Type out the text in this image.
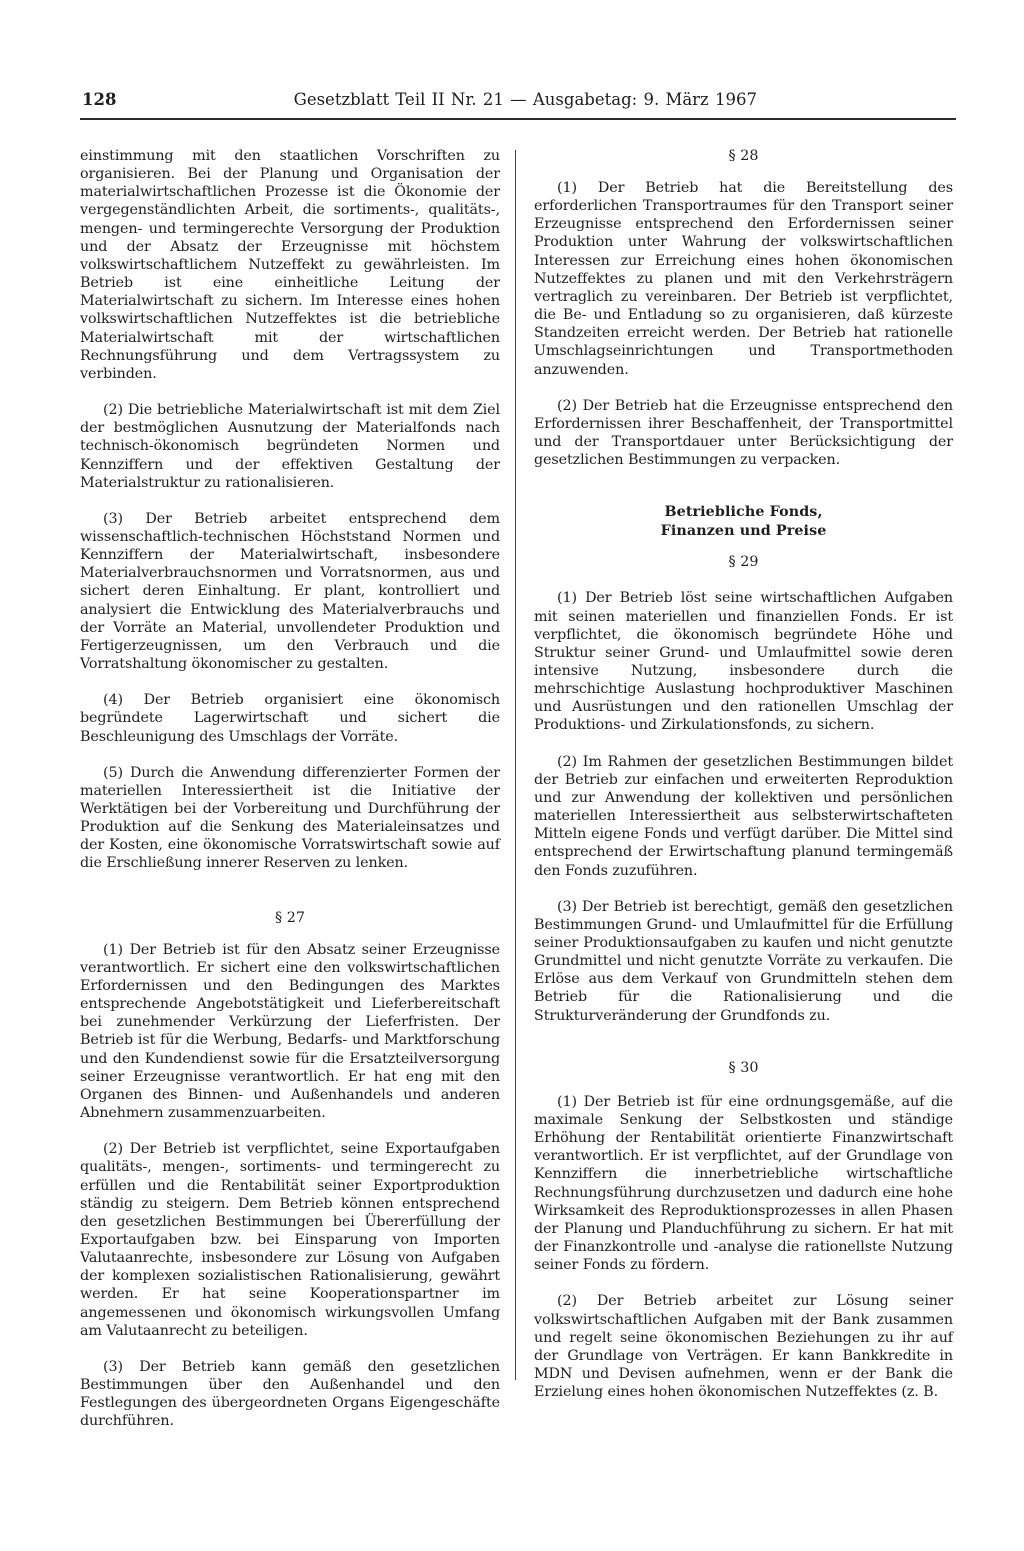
128	Gesetzblatt Teil II Nr. 21 — Ausgabetag: 9. März 1967

einstimmung mit den staatlichen Vorschriften zu organisieren. Bei der Planung und Organisation der materialwirtschaftlichen Prozesse ist die Ökonomie der vergegenständlichten Arbeit, die sortiments-, qualitäts-, mengen- und termingerechte Versorgung der Produktion und der Absatz der Erzeugnisse mit höchstem volkswirtschaftlichem Nutzeffekt zu gewährleisten. Im Betrieb ist eine einheitliche Leitung der Materialwirtschaft zu sichern. Im Interesse eines hohen volkswirtschaftlichen Nutzeffektes ist die betriebliche Materialwirtschaft mit der wirtschaftlichen Rechnungsführung und dem Vertragssystem zu verbinden.

(2) Die betriebliche Materialwirtschaft ist mit dem Ziel der bestmöglichen Ausnutzung der Materialfonds nach technisch-ökonomisch begründeten Normen und Kennziffern und der effektiven Gestaltung der Materialstruktur zu rationalisieren.

(3) Der Betrieb arbeitet entsprechend dem wissenschaftlich-technischen Höchststand Normen und Kennziffern der Materialwirtschaft, insbesondere Materialverbrauchsnormen und Vorratsnormen, aus und sichert deren Einhaltung. Er plant, kontrolliert und analysiert die Entwicklung des Materialverbrauchs und der Vorräte an Material, unvollendeter Produktion und Fertigerzeugnissen, um den Verbrauch und die Vorratshaltung ökonomischer zu gestalten.

(4) Der Betrieb organisiert eine ökonomisch begründete Lagerwirtschaft und sichert die Beschleunigung des Umschlags der Vorräte.

(5) Durch die Anwendung differenzierter Formen der materiellen Interessiertheit ist die Initiative der Werktätigen bei der Vorbereitung und Durchführung der Produktion auf die Senkung des Materialeinsatzes und der Kosten, eine ökonomische Vorratswirtschaft sowie auf die Erschließung innerer Reserven zu lenken.

§ 27

(1) Der Betrieb ist für den Absatz seiner Erzeugnisse verantwortlich. Er sichert eine den volkswirtschaftlichen Erfordernissen und den Bedingungen des Marktes entsprechende Angebotstätigkeit und Lieferbereitschaft bei zunehmender Verkürzung der Lieferfristen. Der Betrieb ist für die Werbung, Bedarfs- und Marktforschung und den Kundendienst sowie für die Ersatzteilversorgung seiner Erzeugnisse verantwortlich. Er hat eng mit den Organen des Binnen- und Außenhandels und anderen Abnehmern zusammenzuarbeiten.

(2) Der Betrieb ist verpflichtet, seine Exportaufgaben qualitäts-, mengen-, sortiments- und termingerecht zu erfüllen und die Rentabilität seiner Exportproduktion ständig zu steigern. Dem Betrieb können entsprechend den gesetzlichen Bestimmungen bei Übererfüllung der Exportaufgaben bzw. bei Einsparung von Importen Valutaanrechte, insbesondere zur Lösung von Aufgaben der komplexen sozialistischen Rationalisierung, gewährt werden. Er hat seine Kooperationspartner im angemessenen und ökonomisch wirkungsvollen Umfang am Valutaanrecht zu beteiligen.

(3) Der Betrieb kann gemäß den gesetzlichen Bestimmungen über den Außenhandel und den Festlegungen des übergeordneten Organs Eigengeschäfte durchführen.

§ 28

(1) Der Betrieb hat die Bereitstellung des erforderlichen Transportraumes für den Transport seiner Erzeugnisse entsprechend den Erfordernissen seiner Produktion unter Wahrung der volkswirtschaftlichen Interessen zur Erreichung eines hohen ökonomischen Nutzeffektes zu planen und mit den Verkehrsträgern vertraglich zu vereinbaren. Der Betrieb ist verpflichtet, die Be- und Entladung so zu organisieren, daß kürzeste Standzeiten erreicht werden. Der Betrieb hat rationelle Umschlagseinrichtungen und Transportmethoden anzuwenden.

(2) Der Betrieb hat die Erzeugnisse entsprechend den Erfordernissen ihrer Beschaffenheit, der Transportmittel und der Transportdauer unter Berücksichtigung der gesetzlichen Bestimmungen zu verpacken.

Betriebliche Fonds,

Finanzen und Preise

§ 29

(1) Der Betrieb löst seine wirtschaftlichen Aufgaben mit seinen materiellen und finanziellen Fonds. Er ist verpflichtet, die ökonomisch begründete Höhe und Struktur seiner Grund- und Umlaufmittel sowie deren intensive Nutzung, insbesondere durch die mehrschichtige Auslastung hochproduktiver Maschinen und Ausrüstungen und den rationellen Umschlag der Produktions- und Zirkulationsfonds, zu sichern.

(2) Im Rahmen der gesetzlichen Bestimmungen bildet der Betrieb zur einfachen und erweiterten Reproduktion und zur Anwendung der kollektiven und persönlichen materiellen Interessiertheit aus selbsterwirtschafteten Mitteln eigene Fonds und verfügt darüber. Die Mittel sind entsprechend der Erwirtschaftung planund termingemäß den Fonds zuzuführen.

(3) Der Betrieb ist berechtigt, gemäß den gesetzlichen Bestimmungen Grund- und Umlaufmittel für die Erfüllung seiner Produktionsaufgaben zu kaufen und nicht genutzte Grundmittel und nicht genutzte Vorräte zu verkaufen. Die Erlöse aus dem Verkauf von Grundmitteln stehen dem Betrieb für die Rationalisierung und die Strukturveränderung der Grundfonds zu.

§ 30

(1) Der Betrieb ist für eine ordnungsgemäße, auf die maximale Senkung der Selbstkosten und ständige Erhöhung der Rentabilität orientierte Finanzwirtschaft verantwortlich. Er ist verpflichtet, auf der Grundlage von Kennziffern die innerbetriebliche wirtschaftliche Rechnungsführung durchzusetzen und dadurch eine hohe Wirksamkeit des Reproduktionsprozesses in allen Phasen der Planung und Planduchführung zu sichern. Er hat mit der Finanzkontrolle und -analyse die rationellste Nutzung seiner Fonds zu fördern.

(2) Der Betrieb arbeitet zur Lösung seiner volkswirtschaftlichen Aufgaben mit der Bank zusammen und regelt seine ökonomischen Beziehungen zu ihr auf der Grundlage von Verträgen. Er kann Bankkredite in MDN und Devisen aufnehmen, wenn er der Bank die Erzielung eines hohen ökonomischen Nutzeffektes (z. B.
